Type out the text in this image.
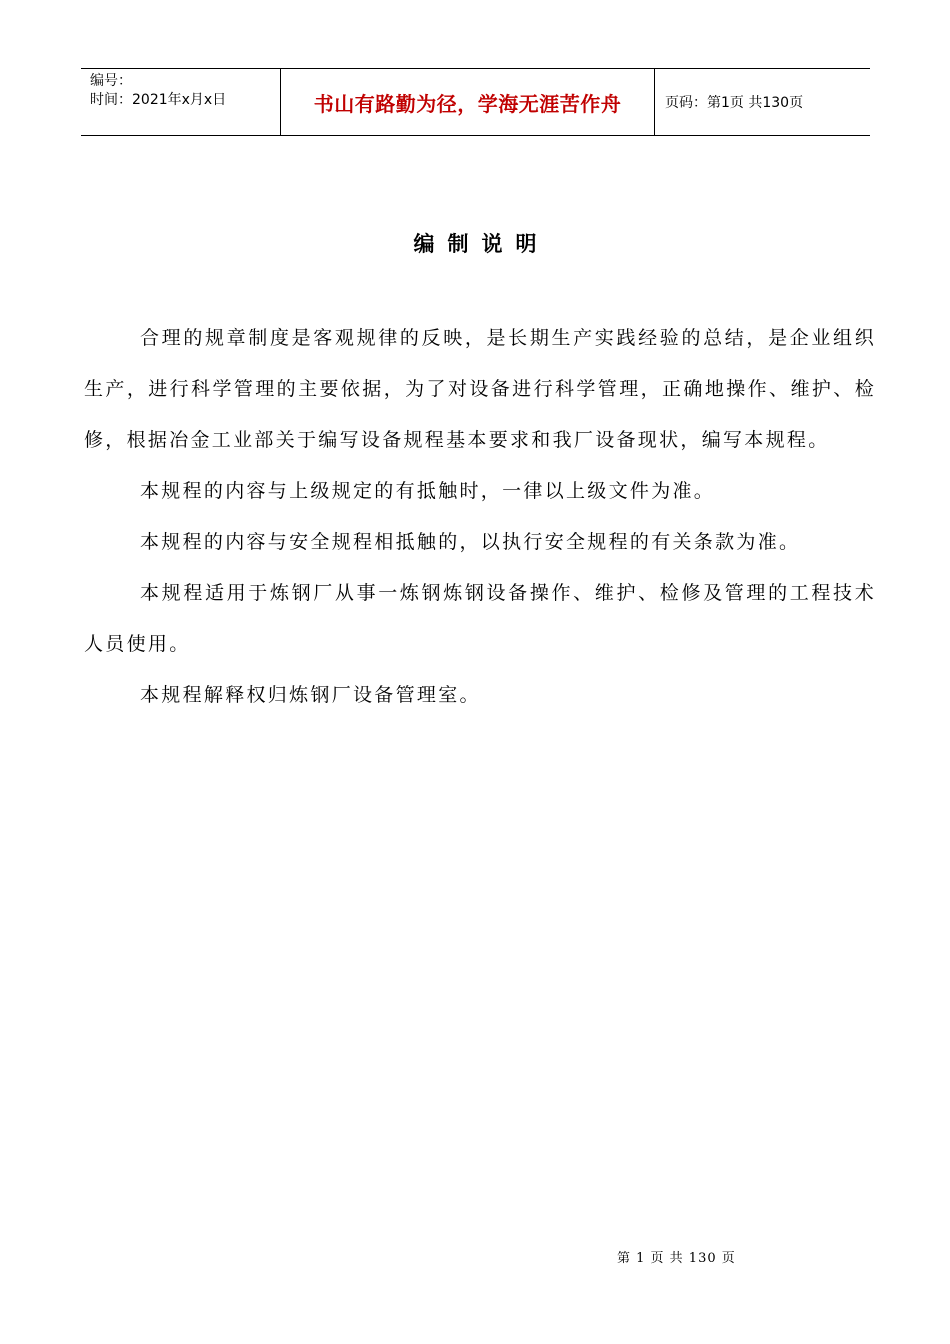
编号：
时间：2021年x月x日	书山有路勤为径，学海无涯苦作舟	页码：第1页 共130页
编制说明

合理的规章制度是客观规律的反映，是长期生产实践经验的总结，是企业组织生产，进行科学管理的主要依据，为了对设备进行科学管理，正确地操作、维护、检修，根据冶金工业部关于编写设备规程基本要求和我厂设备现状，编写本规程。

本规程的内容与上级规定的有抵触时，一律以上级文件为准。

本规程的内容与安全规程相抵触的，以执行安全规程的有关条款为准。

本规程适用于炼钢厂从事一炼钢炼钢设备操作、维护、检修及管理的工程技术人员使用。

本规程解释权归炼钢厂设备管理室。

第 1 页 共 130 页
